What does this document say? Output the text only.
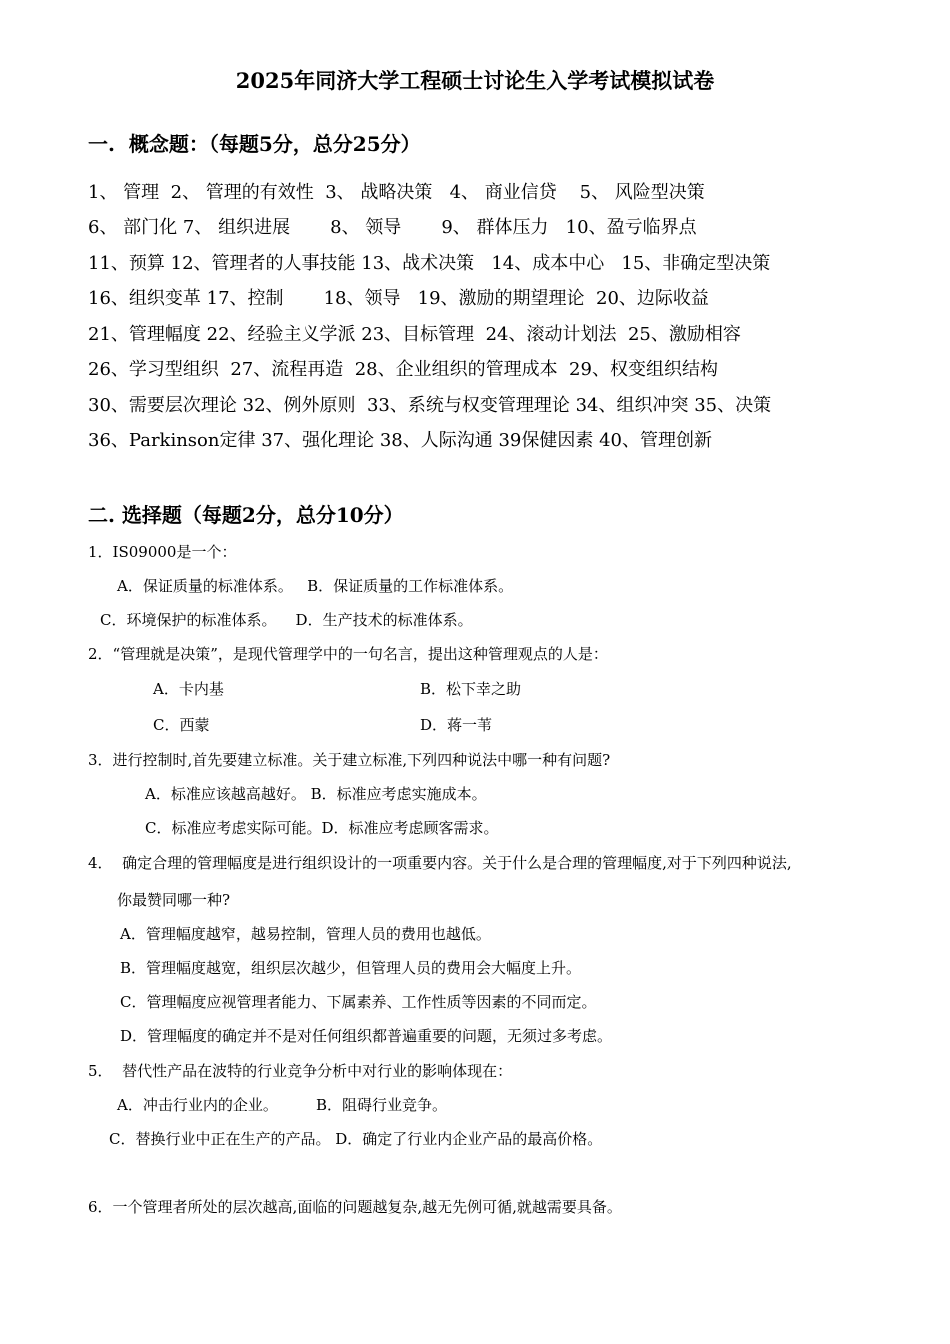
2025年同济大学工程硕士讨论生入学考试模拟试卷
一.  概念题：（每题5分，总分25分）
1、 管理  2、 管理的有效性  3、 战略决策   4、 商业信贷    5、 风险型决策
6、 部门化 7、 组织进展       8、 领导       9、 群体压力   10、盈亏临界点
11、预算 12、管理者的人事技能 13、战术决策   14、成本中心   15、非确定型决策
16、组织变革 17、控制       18、领导   19、激励的期望理论  20、边际收益
21、管理幅度 22、经验主义学派 23、目标管理  24、滚动计划法  25、激励相容
26、学习型组织  27、流程再造  28、企业组织的管理成本  29、权变组织结构
30、需要层次理论 32、例外原则  33、系统与权变管理理论 34、组织冲突 35、决策
36、Parkinson定律 37、强化理论 38、人际沟通 39保健因素 40、管理创新
二. 选择题（每题2分，总分10分）
1．IS09000是一个：
A．保证质量的标准体系。   B．保证质量的工作标准体系。
C．环境保护的标准体系。    D．生产技术的标准体系。
2．“管理就是决策”，是现代管理学中的一句名言，提出这种管理观点的人是：
A．卡内基	B．松下幸之助
C．西蒙	D．蒋一苇
3．进行控制时,首先要建立标准。关于建立标准,下列四种说法中哪一种有问题?
A．标准应该越高越好。 B．标准应考虑实施成本。
C．标准应考虑实际可能。D．标准应考虑顾客需求。
4．  确定合理的管理幅度是进行组织设计的一项重要内容。关于什么是合理的管理幅度,对于下列四种说法,
你最赞同哪一种?
A．管理幅度越窄，越易控制，管理人员的费用也越低。
B．管理幅度越宽，组织层次越少，但管理人员的费用会大幅度上升。
C．管理幅度应视管理者能力、下属素养、工作性质等因素的不同而定。
D．管理幅度的确定并不是对任何组织都普遍重要的问题，无须过多考虑。
5．  替代性产品在波特的行业竞争分析中对行业的影响体现在：
A．冲击行业内的企业。        B．阻碍行业竞争。
C．替换行业中正在生产的产品。 D．确定了行业内企业产品的最高价格。
6．一个管理者所处的层次越高,面临的问题越复杂,越无先例可循,就越需要具备。
